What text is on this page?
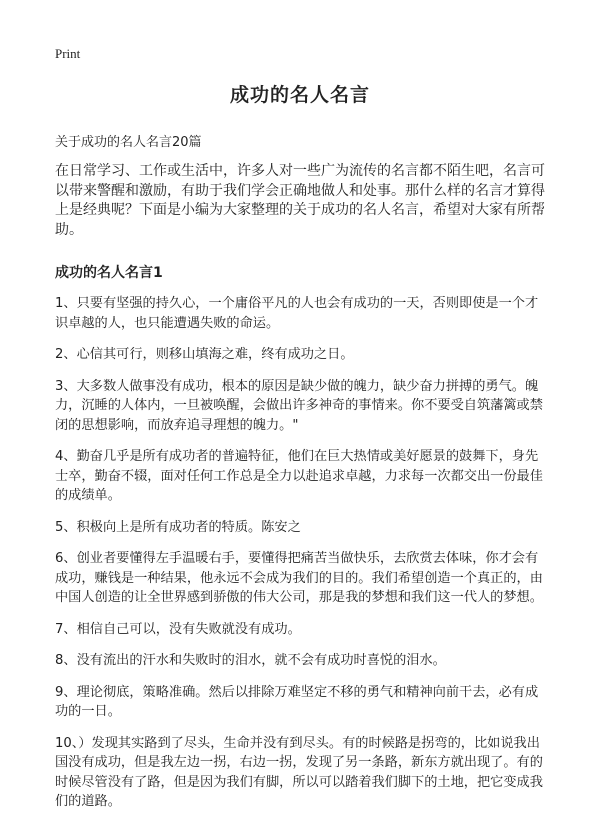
Print
成功的名人名言
关于成功的名人名言20篇

在日常学习、工作或生活中，许多人对一些广为流传的名言都不陌生吧，名言可以带来警醒和激励，有助于我们学会正确地做人和处事。那什么样的名言才算得上是经典呢？下面是小编为大家整理的关于成功的名人名言，希望对大家有所帮助。

成功的名人名言1
1、只要有坚强的持久心，一个庸俗平凡的人也会有成功的一天，否则即使是一个才识卓越的人，也只能遭遇失败的命运。
2、心信其可行，则移山填海之难，终有成功之日。
3、大多数人做事没有成功，根本的原因是缺少做的魄力，缺少奋力拼搏的勇气。魄力，沉睡的人体内，一旦被唤醒，会做出许多神奇的事情来。你不要受自筑藩篱或禁闭的思想影响，而放弃追寻理想的魄力。"
4、勤奋几乎是所有成功者的普遍特征，他们在巨大热情或美好愿景的鼓舞下，身先士卒，勤奋不辍，面对任何工作总是全力以赴追求卓越，力求每一次都交出一份最佳的成绩单。
5、积极向上是所有成功者的特质。陈安之
6、创业者要懂得左手温暖右手，要懂得把痛苦当做快乐，去欣赏去体味，你才会有成功，赚钱是一种结果，他永远不会成为我们的目的。我们希望创造一个真正的，由中国人创造的让全世界感到骄傲的伟大公司，那是我的梦想和我们这一代人的梦想。
7、相信自己可以，没有失败就没有成功。
8、没有流出的汗水和失败时的泪水，就不会有成功时喜悦的泪水。
9、理论彻底，策略准确。然后以排除万难坚定不移的勇气和精神向前干去，必有成功的一日。
10、）发现其实路到了尽头，生命并没有到尽头。有的时候路是拐弯的，比如说我出国没有成功，但是我左边一拐，右边一拐，发现了另一条路，新东方就出现了。有的时候尽管没有了路，但是因为我们有脚，所以可以踏着我们脚下的土地，把它变成我们的道路。
